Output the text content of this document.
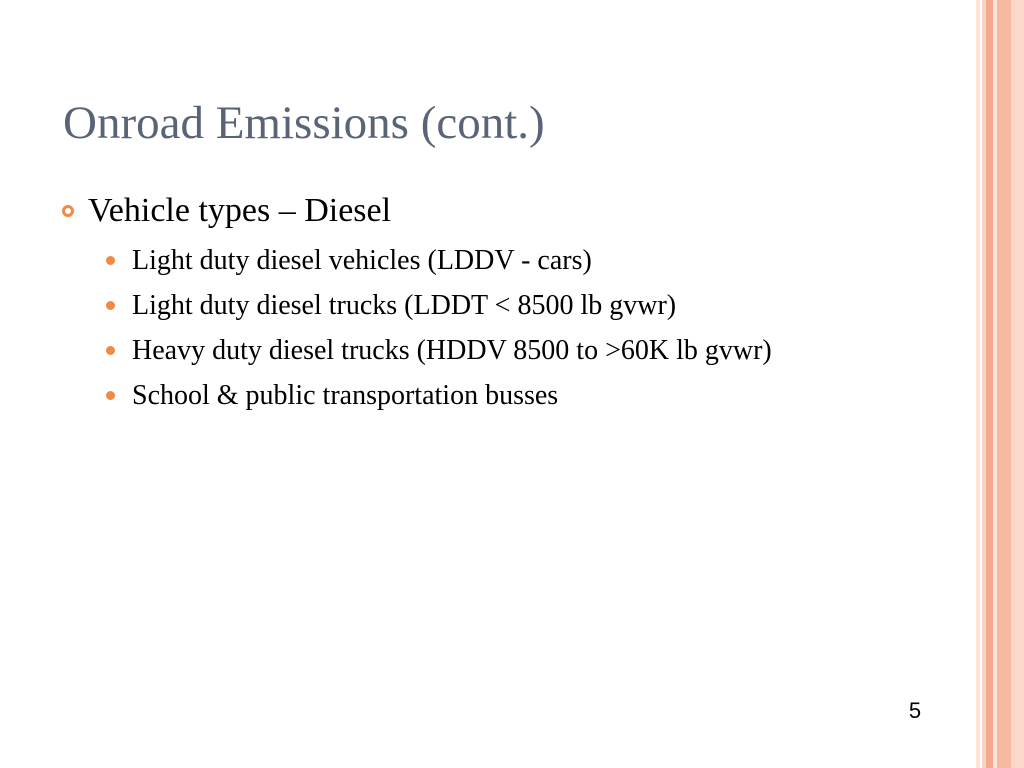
Onroad Emissions (cont.)
Vehicle types – Diesel
Light duty diesel vehicles (LDDV - cars)
Light duty diesel trucks (LDDT < 8500 lb gvwr)
Heavy duty diesel trucks (HDDV 8500 to >60K lb gvwr)
School & public transportation busses
5
